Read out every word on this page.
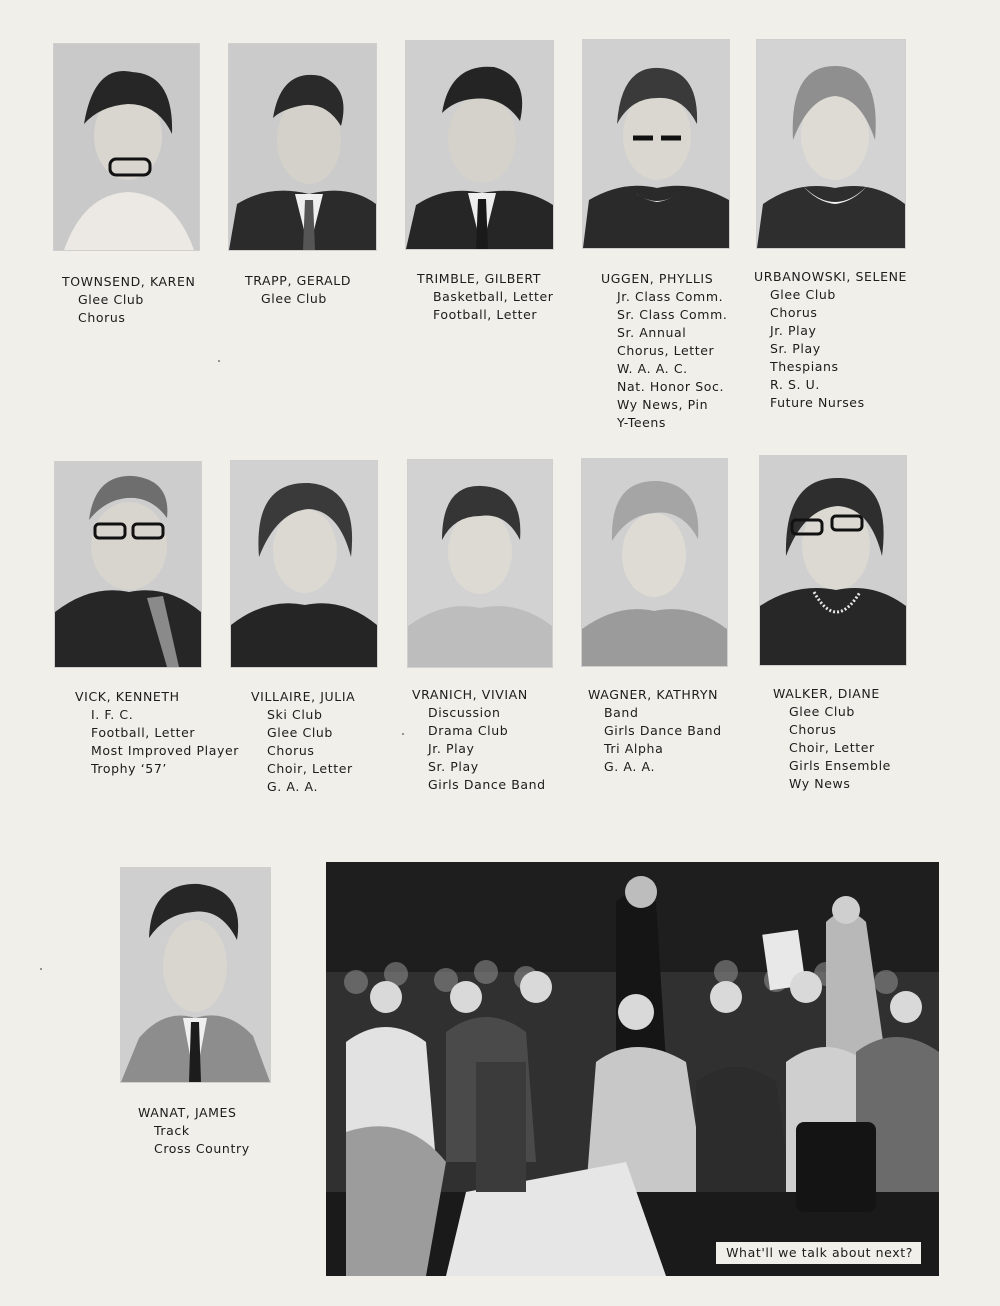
TOWNSEND, KAREN
Glee Club
Chorus
TRAPP, GERALD
Glee Club
TRIMBLE, GILBERT
Basketball, Letter
Football, Letter
UGGEN, PHYLLIS
Jr. Class Comm.
Sr. Class Comm.
Sr. Annual
Chorus, Letter
W. A. A. C.
Nat. Honor Soc.
Wy News, Pin
Y-Teens
URBANOWSKI, SELENE
Glee Club
Chorus
Jr. Play
Sr. Play
Thespians
R. S. U.
Future Nurses
VICK, KENNETH
I. F. C.
Football, Letter
Most Improved Player
Trophy ‘57’
VILLAIRE, JULIA
Ski Club
Glee Club
Chorus
Choir, Letter
G. A. A.
VRANICH, VIVIAN
Discussion
Drama Club
Jr. Play
Sr. Play
Girls Dance Band
WAGNER, KATHRYN
Band
Girls Dance Band
Tri Alpha
G. A. A.
WALKER, DIANE
Glee Club
Chorus
Choir, Letter
Girls Ensemble
Wy News
WANAT, JAMES
Track
Cross Country
What'll we talk about next?
